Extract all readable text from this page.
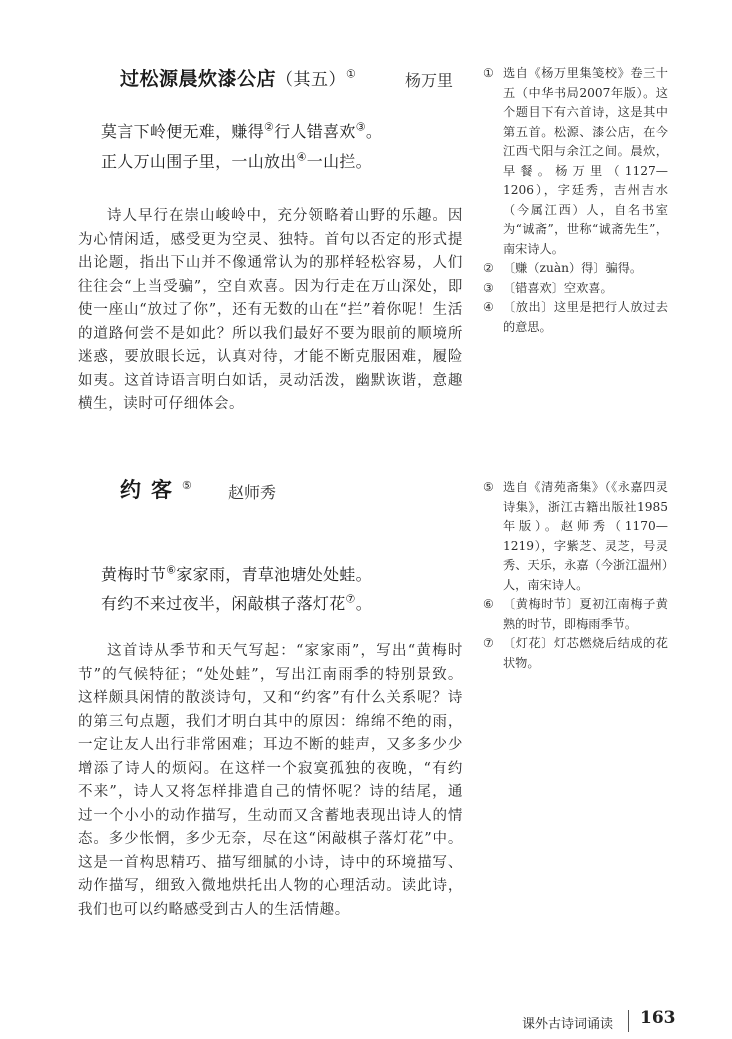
过松源晨炊漆公店（其五）①	杨万里
莫言下岭便无难，赚得②行人错喜欢③。
正人万山围子里，一山放出④一山拦。
诗人早行在崇山峻岭中，充分领略着山野的乐趣。因为心情闲适，感受更为空灵、独特。首句以否定的形式提出论题，指出下山并不像通常认为的那样轻松容易，人们往往会“上当受骗”，空自欢喜。因为行走在万山深处，即使一座山“放过了你”，还有无数的山在“拦”着你呢！生活的道路何尝不是如此？所以我们最好不要为眼前的顺境所迷惑，要放眼长远，认真对待，才能不断克服困难，履险如夷。这首诗语言明白如话，灵动活泼，幽默诙谐，意趣横生，读时可仔细体会。
① 选自《杨万里集笺校》卷三十五（中华书局2007年版）。这个题目下有六首诗，这是其中第五首。松源、漆公店，在今江西弋阳与余江之间。晨炊，早餐。杨万里（1127—1206），字廷秀，吉州吉水（今属江西）人，自名书室为“诚斋”，世称“诚斋先生”，南宋诗人。
② 〔赚（zuàn）得〕骗得。
③ 〔错喜欢〕空欢喜。
④ 〔放出〕这里是把行人放过去的意思。
约客⑤ 赵师秀
黄梅时节⑥家家雨，青草池塘处处蛙。
有约不来过夜半，闲敲棋子落灯花⑦。
这首诗从季节和天气写起：“家家雨”，写出“黄梅时节”的气候特征；“处处蛙”，写出江南雨季的特别景致。这样颇具闲情的散淡诗句，又和“约客”有什么关系呢？诗的第三句点题，我们才明白其中的原因：绵绵不绝的雨，一定让友人出行非常困难；耳边不断的蛙声，又多多少少增添了诗人的烦闷。在这样一个寂寞孤独的夜晚，“有约不来”，诗人又将怎样排遣自己的情怀呢？诗的结尾，通过一个小小的动作描写，生动而又含蓄地表现出诗人的情态。多少怅惘，多少无奈，尽在这“闲敲棋子落灯花”中。这是一首构思精巧、描写细腻的小诗，诗中的环境描写、动作描写，细致入微地烘托出人物的心理活动。读此诗，我们也可以约略感受到古人的生活情趣。
⑤ 选自《清苑斋集》（《永嘉四灵诗集》，浙江古籍出版社1985年版）。赵师秀（1170—1219），字紫芝、灵芝，号灵秀、天乐，永嘉（今浙江温州）人，南宋诗人。
⑥ 〔黄梅时节〕夏初江南梅子黄熟的时节，即梅雨季节。
⑦ 〔灯花〕灯芯燃烧后结成的花状物。
课外古诗词诵读 163
